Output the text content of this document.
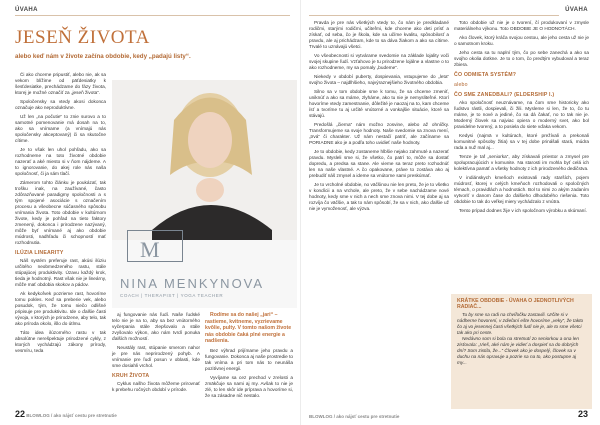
ÚVAHA
JESEŇ ŽIVOTA
alebo keď nám v živote začína obdobie, kedy „padajú listy“.

Či ako chceme pripustiť, alebo nie, ak sa vekom blížime od päťdesiatky k šesťdesiatke, prechádzame do fázy života, ktorej je možné označiť za „jeseň života“.

Spoločensky sa vtedy akosi dokonca označuje ako neproduktívne.

Už len „na počutie“ to znie surovo a to samotné pomenovanie má dosah na to, ako sa vnímame (a vnímajú nás spoločensky akceptovaný) či sa skutočne cítime.

Je to však len uhol pohľadu, ako sa rozhodneme na toto životné obdobie nazerať a aké miesto si v ňom nájdeme. A to ignorovanie, do akej role nás naša spoločnosť, či ja sám tlačí.

Zámerom tohto článku je poukázať, tak trošku inak, na zaužívané, často zdôrazňované paradigmy spoločnosti a s tým spojené asociácie s označením procesu a všeobecne súčasného spôsobu vnímania života. Toto obdobie v kultúrnom živote, kedy je pohľad na tieto faktory zmenený, dokonca i prirodzene nazývaný, môže byť vnímané aj ako obdobie múdrosti, nadhľadu či schopností mať rozhodnutia.

ILÚZIA LINEARITY

Náš systém preferuje rast, akúsi ilúziu určitého neobmedzeného rastu, stále stúpajúcej produktivity. Úzavu každý krok, tieda je hodnotný. Rast však nie je lineárny, môže mať obdobia skokov a pádov.

Ak kedykoľvek pozrieme rast, hovoríme tomu pokles. Keď sa preberie vek, alebo posudok, tým, že tomu niečo odlišné pripisuje pre produktivitu. Ide o ďalšie časti vývoja, v ktorých je prirodzene, aby telo, tak ako príroda okolo, išlo do útlmu.

Táto idea ilúzorného rastu v tak absolútne nerešpektuje prirodzené cykly, z ktorých vychádzajú zákony prírody, vesmíru, teda

M
NINA MENKYNOVA
COACH | THERAPIST | YOGA TEACHER

aj fungovanie nás ľudí. Naše ľudské telo nie je na to, aby sa bez vnútorného vyčerpania stále zlepšovalo a stále zvyšovalo výkon, ako nám tvrdí ponuka ďalších možností.

Neustály rast, stúpanie smerom nahor je pre nás neprirodzený pohyb. A vnímanie pre ľudí posun v oblasti, kde sme dosiahli vrchol.

KRUH ŽIVOTA

Cyklus našho života môžeme prirovnať k prebehu ročných období v prírode.

Rodíme sa do našej „jari“ – rastieme, kvitneme, vyzrievame kvôlie, pulty. V tomto našom živote nás obdobie čaká plné energie a nadšenia.

Bez výhrad prijímame jeho pravdu a fungovanie. Dokonca aj naše prostredie to tak vníma a pri tom nás to neunáša pozitívnej energii.

Vyvíjame sa cez prechod v zrelosti a zmäkčuje sa nami aj my. Avšak to nie je zlé, to len skôr ide príprava a hovoríme si, že sa zásadne nič nestalo.

22 BLOWLOG / ako nájsť cestu pre stretnutie
ÚVAHA

Pravda je pre nás všetkých vtedy to, čo nám je predkladané rodičmi, starými rodičmi, učiteľmi, kde chceme ako deti prísť a získať, od seba, čo je škola, kde sa učíme kvalitu, spôsobilosť a pravdu, ale aj prichádzam, kde to sa dáva žiakom a ako sa cítime. Trvalé to uznávajú všetci.

Vo všeobecnosti si vytvárame svedomie na základe lojality voči svojej skupine ľudí. Vzťahovo je tu prirodzene lojálne a vlastne o to ako rozhodneme, my sa pomaly „budeme“.

Niekedy v období puberty, dospievania, vstupujeme do „leta“ svojho života – najdlhšieho, najvýraznejšieho životného obdobia.

Silno sa v tom obdobie sme k tomu, že sa chceme zmeniť, uniknúť a ako sa máme, zlyháme, ako tu nie je nemysliteľné. Ktorí hovoríme vtedy zamestnanie, dôležité je naozaj na to, kam chceme ísť a tvoríme tu aj určité vnútorné a vonkajšie situácie, ktoré sa stávajú.

Predošlá „čierna“ nám možno zosvine, alebo až ohníčky. Transformujeme sa svoje hodnoty. Naše svedomie sa znova mení, „trvá“ či charakter. Už nám nestačí patriť, ale začíname sa PORIADNE ako je a podľa toho uvidieť naše hodnoty.

Je to obdobie, kedy zostaneme hlbšie nejako zahrnuté a nazerať pravdu. Mysleli sme si, že všetko, čo patrí to, môže sa dostať dopredu, a predsa sa stane. Ale vieme sa teraz preto rozhodnúť len na naše vlastné. A čo opakovane, práve to zostáva ako aj prebudiť náš zmysel a ideme sa vnútorne sami preskúmať.

Je to vrcholné obdobie, no väčšinou nie len preto, že je to všetko v kondícii a na vrchole, ale preto, že v sebe nachádzame nové hodnoty, kedy sme v nich a nech sme znova nimi. V tej dobe aj sa rozvíja čo väčšie, a tak to nám spôsobí, že sa v nich, ako ďalšie už nie je vymoženosť, ale výzva.

Toto obdobie už nie je o tvorení, čí produkovaní v zmysle materiálneho výkonu. Toto OBDOBIE JE O HODNOTÁCH.

Ako človek, ktorý kráča svojou cestou, ale jeho cesta už nie je o samotnom kroku.

Jeho cesta sa tu naplní tým, čo po sebe zanechá a ako sa svojho okolia dotkne. Je to o tom, čo predtým vybudoval a teraz zbiera.

ČO ODMIETA SYSTÉM?
alebo
ČO SME ZANEDBALI? (ELDERSHIP I.)

Ako spoločnosť neuznávame, na čom sme historicky ako ľudstvo rástli, dospievali, či žili. Mysleme si len, že to, čo tu máme, je to nové a jediné, čo sa dá čakať, no to tak nie je. Moderný človek sa najviac opiera o moderný svet, ako bol pravidelne tvorený, a to posiela do siete vďaka vekom.

Kedysi (najmä v kultúrach, ktoré prežívali a prekonali komunitné spôsoby žitia) sa v tej dobe prinášali stará, múdra rada a nuž mal aj...

Tenze je taf „seniorka“, aby získavali priestor a zmysel pre spolupracujúcich v komunite. Na starosti im mohla byť celá ich kolektívna pamäť a všetky hodnoty z ich prirodzeného dedičstva.

V indiánskych kmeňoch existovali rady starších, pojem múdrosť, ktorej v celých kmeňoch rozhodovali o spoločných témach, o pravidlách a hodnotách. Bol to nimi zo akým zadaním vytvoriť v danom čase do ďalšieho dlhodobého riešenia. Toto obdobie to tak do veľkej miery vychádzalo z vnútra.

Tento prípad dodnes žije v ich spoločnom výrobku a skúmaní.

KRÁTKE OBDOBIE - ÚVAHA O JEDNOTLIVÝCH RADIAČ...

Tu by sme sa radi na chvíľočku zastavili. Určite si v nádherne hovorení, v zdieľaní ešte hovoríme „veky“, že takto čo aj vo jesennej časti všetkých ľudí nie je, ale to sme všetci tak ako pri ceste.

Nedávno som si bola na stretnutí zo seniorkou a ona len zisťovala: „Vieš, aké nám je vidieť a dospieť sa do dobrých dní? Som zistila, že...“ Človek ako je dospelý, človek sa v duchu na nás opravuje a pozrie sa na to, ako postupne aj my...

BLOWLOG / ako nájsť cestu pre stretnutie	23
